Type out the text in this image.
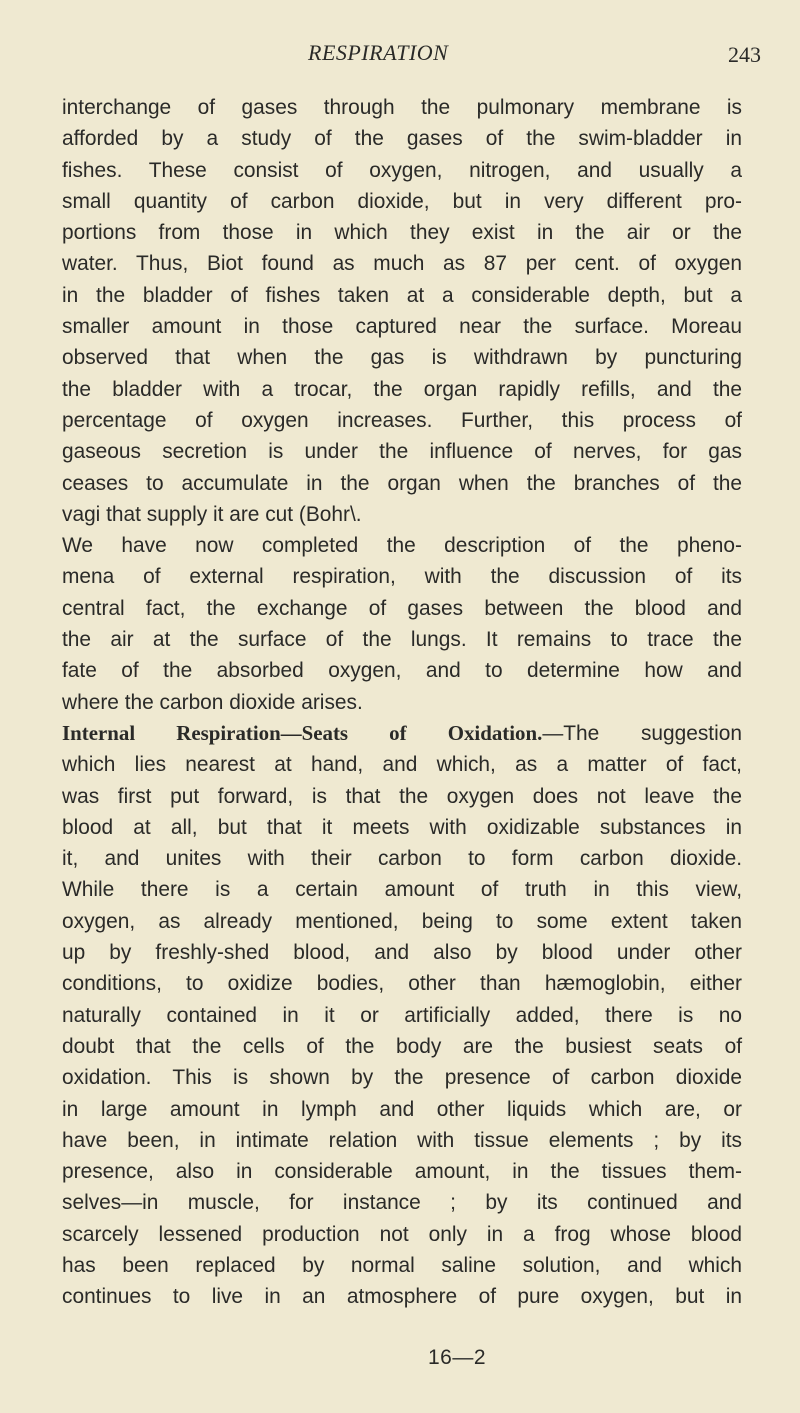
RESPIRATION	243
interchange of gases through the pulmonary membrane is
afforded by a study of the gases of the swim-bladder in
fishes. These consist of oxygen, nitrogen, and usually a
small quantity of carbon dioxide, but in very different pro-
portions from those in which they exist in the air or the
water. Thus, Biot found as much as 87 per cent. of oxygen
in the bladder of fishes taken at a considerable depth, but a
smaller amount in those captured near the surface. Moreau
observed that when the gas is withdrawn by puncturing
the bladder with a trocar, the organ rapidly refills, and the
percentage of oxygen increases. Further, this process of
gaseous secretion is under the influence of nerves, for gas
ceases to accumulate in the organ when the branches of the
vagi that supply it are cut (Bohr\.
We have now completed the description of the pheno-
mena of external respiration, with the discussion of its
central fact, the exchange of gases between the blood and
the air at the surface of the lungs. It remains to trace the
fate of the absorbed oxygen, and to determine how and
where the carbon dioxide arises.
Internal Respiration—Seats of Oxidation.—The suggestion
which lies nearest at hand, and which, as a matter of fact,
was first put forward, is that the oxygen does not leave the
blood at all, but that it meets with oxidizable substances in
it, and unites with their carbon to form carbon dioxide.
While there is a certain amount of truth in this view,
oxygen, as already mentioned, being to some extent taken
up by freshly-shed blood, and also by blood under other
conditions, to oxidize bodies, other than hæmoglobin, either
naturally contained in it or artificially added, there is no
doubt that the cells of the body are the busiest seats of
oxidation. This is shown by the presence of carbon dioxide
in large amount in lymph and other liquids which are, or
have been, in intimate relation with tissue elements ; by its
presence, also in considerable amount, in the tissues them-
selves—in muscle, for instance ; by its continued and
scarcely lessened production not only in a frog whose blood
has been replaced by normal saline solution, and which
continues to live in an atmosphere of pure oxygen, but in
16—2
